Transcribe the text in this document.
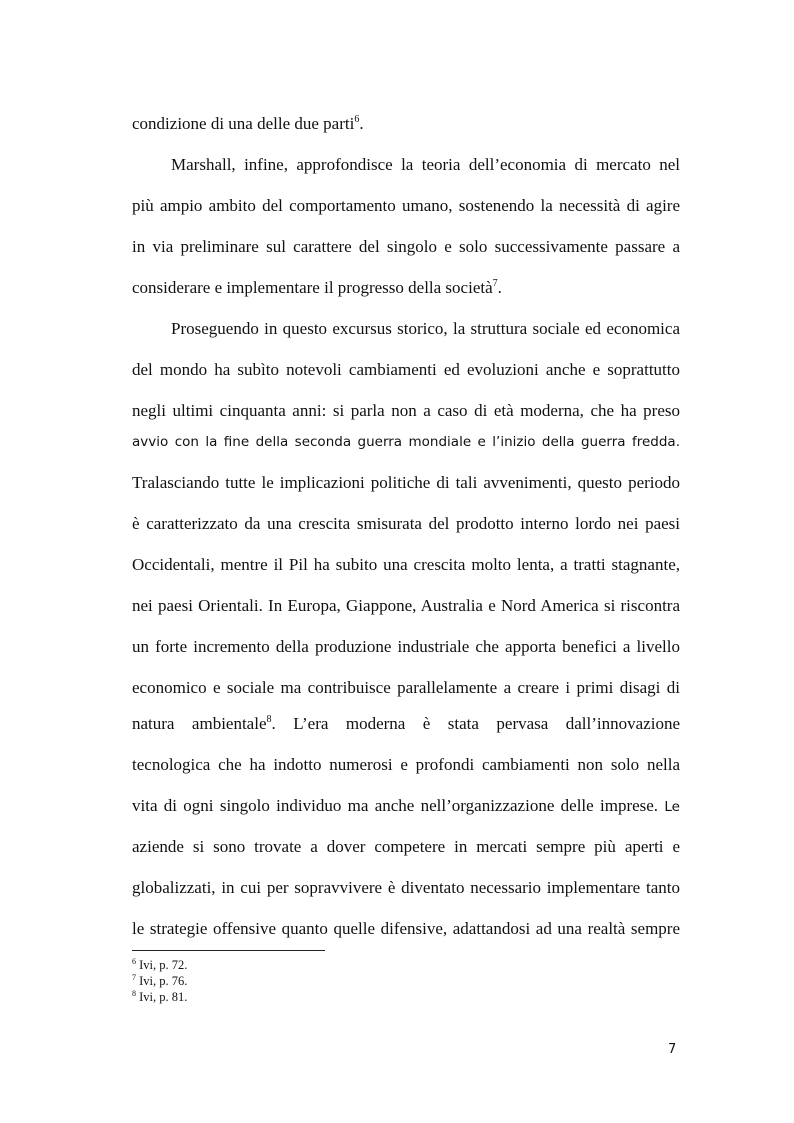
condizione di una delle due parti$^6$.
Marshall, infine, approfondisce la teoria dell’economia di mercato nel
più ampio ambito del comportamento umano, sostenendo la necessità di agire
in via preliminare sul carattere del singolo e solo successivamente passare a
considerare e implementare il progresso della società$^7$.
Proseguendo in questo excursus storico, la struttura sociale ed economica
del mondo ha subìto notevoli cambiamenti ed evoluzioni anche e soprattutto
negli ultimi cinquanta anni: si parla non a caso di età moderna, che ha preso
avvio con la fine della seconda guerra mondiale e l’inizio della guerra fredda.
Tralasciando tutte le implicazioni politiche di tali avvenimenti, questo periodo
è caratterizzato da una crescita smisurata del prodotto interno lordo nei paesi
Occidentali, mentre il Pil ha subito una crescita molto lenta, a tratti stagnante,
nei paesi Orientali. In Europa, Giappone, Australia e Nord America si riscontra
un forte incremento della produzione industriale che apporta benefici a livello
economico e sociale ma contribuisce parallelamente a creare i primi disagi di
natura ambientale$^8$. L’era moderna è stata pervasa dall’innovazione
tecnologica che ha indotto numerosi e profondi cambiamenti non solo nella
vita di ogni singolo individuo ma anche nell’organizzazione delle imprese. Le
aziende si sono trovate a dover competere in mercati sempre più aperti e
globalizzati, in cui per sopravvivere è diventato necessario implementare tanto
le strategie offensive quanto quelle difensive, adattandosi ad una realtà sempre
$^6$ Ivi, p. 72.
$^7$ Ivi, p. 76.
$^8$ Ivi, p. 81.
7
